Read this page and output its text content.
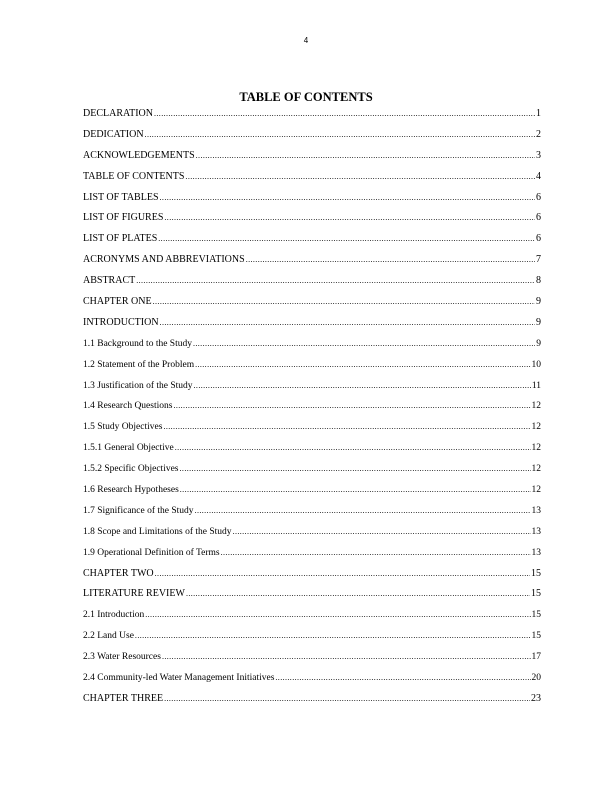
4
TABLE OF CONTENTS
DECLARATION .....	1
DEDICATION .....	2
ACKNOWLEDGEMENTS .....	3
TABLE OF CONTENTS .....	4
LIST OF TABLES .....	6
LIST OF FIGURES .....	6
LIST OF PLATES .....	6
ACRONYMS AND ABBREVIATIONS .....	7
ABSTRACT .....	8
CHAPTER ONE .....	9
INTRODUCTION .....	9
1.1 Background to the Study .....	9
1.2 Statement of the Problem .....	10
1.3 Justification of the Study .....	11
1.4 Research Questions .....	12
1.5 Study Objectives .....	12
1.5.1 General Objective .....	12
1.5.2 Specific Objectives .....	12
1.6 Research Hypotheses .....	12
1.7 Significance of the Study .....	13
1.8 Scope and Limitations of the Study .....	13
1.9 Operational Definition of Terms .....	13
CHAPTER TWO .....	15
LITERATURE REVIEW .....	15
2.1 Introduction .....	15
2.2 Land Use .....	15
2.3 Water Resources .....	17
2.4 Community-led Water Management Initiatives .....	20
CHAPTER THREE .....	23
